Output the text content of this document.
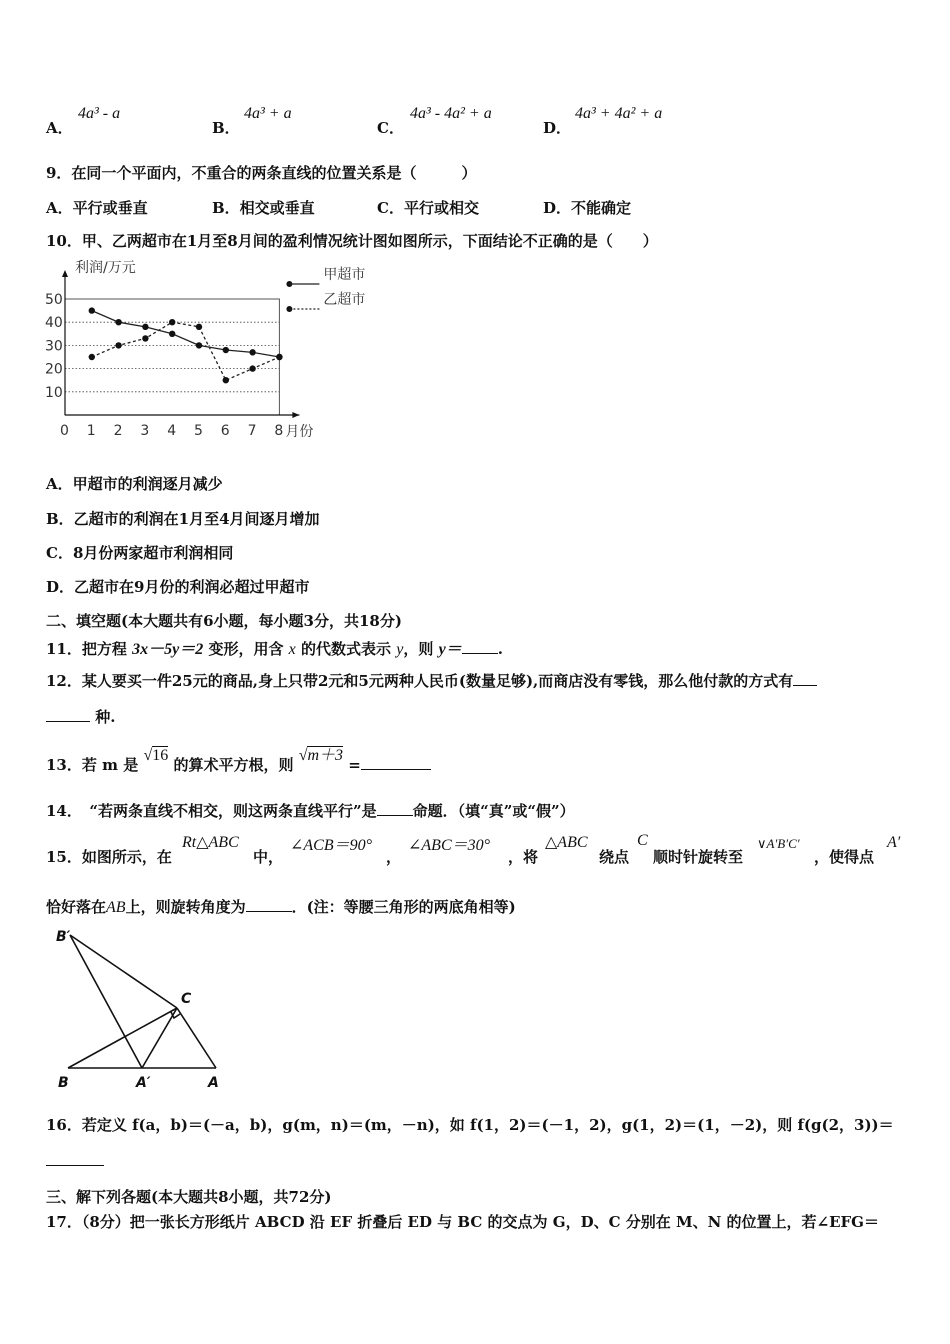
A．
4a³ - a
B．
4a³ + a
C．
4a³ - 4a² + a
D．
4a³ + 4a² + a
9．在同一个平面内，不重合的两条直线的位置关系是（　　　）
A．平行或垂直	B．相交或垂直	C．平行或相交	D．不能确定
10．甲、乙两超市在1月至8月间的盈利情况统计图如图所示，下面结论不正确的是（　　）
10
20
30
40
50
0 1 2 3 4 5 6 7 8
利润/万元
月份
甲超市
乙超市
A．甲超市的利润逐月减少
B．乙超市的利润在1月至4月间逐月增加
C．8月份两家超市利润相同
D．乙超市在9月份的利润必超过甲超市
二、填空题(本大题共有6小题，每小题3分，共18分)
11．把方程 3x－5y＝2 变形，用含 x 的代数式表示 y，则 y＝ .
12．某人要买一件25元的商品,身上只带2元和5元两种人民币(数量足够),而商店没有零钱，那么他付款的方式有
种.
13．若 m 是 √16 的算术平方根，则 √m＋3 =
14．　“若两条直线不相交，则这两条直线平行”是 命题．（填“真”或“假”）
15．如图所示，在
Rt△ABC
中，
∠ACB＝90°
，
∠ABC＝30°
，将
△ABC
绕点
C
顺时针旋转至
∨A′B′C′
，使得点
A′
恰好落在AB上，则旋转角度为	．(注：等腰三角形的两底角相等)
B′
C
B	A′	A
16．若定义 f(a，b)＝(－a，b)，g(m，n)＝(m，－n)，如 f(1，2)＝(－1，2)，g(1，2)＝(1，－2)，则 f(g(2，3))＝
三、解下列各题(本大题共8小题，共72分)
17．（8分）把一张长方形纸片 ABCD 沿 EF 折叠后 ED 与 BC 的交点为 G，D、C 分别在 M、N 的位置上，若∠EFG＝
